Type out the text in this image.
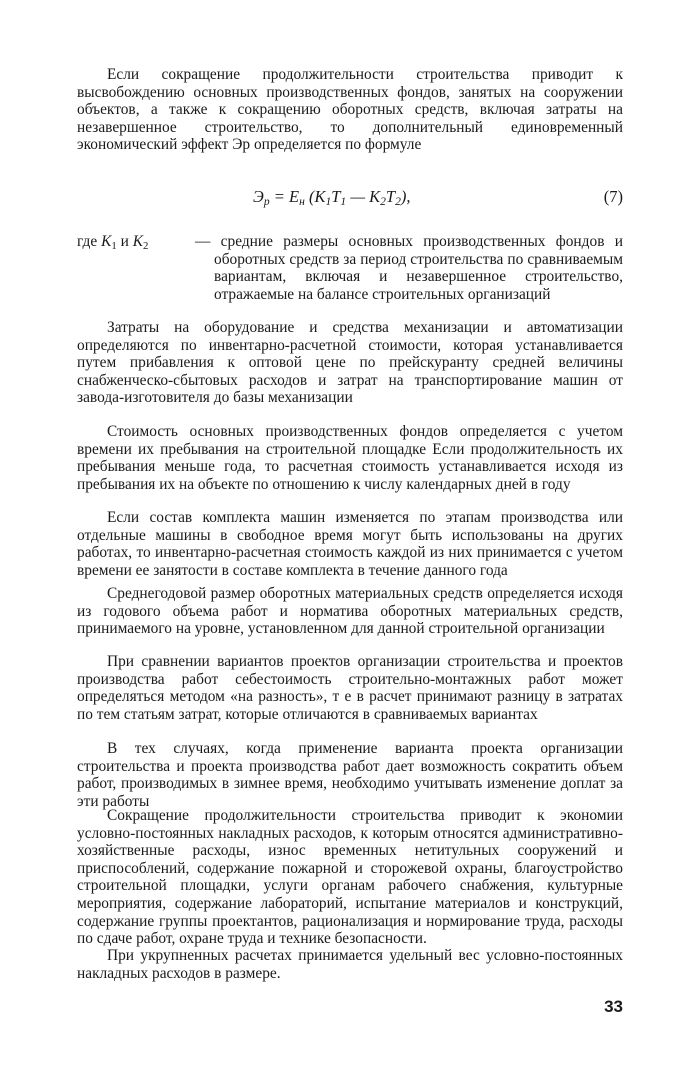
Если сокращение продолжительности строительства приводит к высвобождению основных производственных фондов, занятых на сооружении объектов, а также к сокращению оборотных средств, включая затраты на незавершенное строительство, то дополнительный единовременный экономический эффект Эр определяется по формуле

$Э_р = Е_н$ ($K_1T_1$ — $K_2T_2$),	(7)
где $K_1$ и $K_2$	— средние размеры основных производственных фондов и оборотных средств за период строительства по сравниваемым вариантам, включая и незавершенное строительство, отражаемые на балансе строительных организаций

Затраты на оборудование и средства механизации и автоматизации определяются по инвентарно-расчетной стоимости, которая устанавливается путем прибавления к оптовой цене по прейскуранту средней величины снабженческо-сбытовых расходов и затрат на транспортирование машин от завода-изготовителя до базы механизации

Стоимость основных производственных фондов определяется с учетом времени их пребывания на строительной площадке Если продолжительность их пребывания меньше года, то расчетная стоимость устанавливается исходя из пребывания их на объекте по отношению к числу календарных дней в году

Если состав комплекта машин изменяется по этапам производства или отдельные машины в свободное время могут быть использованы на других работах, то инвентарно-расчетная стоимость каждой из них принимается с учетом времени ее занятости в составе комплекта в течение данного года

Среднегодовой размер оборотных материальных средств определяется исходя из годового объема работ и норматива оборотных материальных средств, принимаемого на уровне, установленном для данной строительной организации

При сравнении вариантов проектов организации строительства и проектов производства работ себестоимость строительно-монтажных работ может определяться методом «на разность», т е в расчет принимают разницу в затратах по тем статьям затрат, которые отличаются в сравниваемых вариантах

В тех случаях, когда применение варианта проекта организации строительства и проекта производства работ дает возможность сократить объем работ, производимых в зимнее время, необходимо учитывать изменение доплат за эти работы

Сокращение продолжительности строительства приводит к экономии условно-постоянных накладных расходов, к которым относятся административно-хозяйственные расходы, износ временных нетитульных сооружений и приспособлений, содержание пожарной и сторожевой охраны, благоустройство строительной площадки, услуги органам рабочего снабжения, культурные мероприятия, содержание лабораторий, испытание материалов и конструкций, содержание группы проектантов, рационализация и нормирование труда, расходы по сдаче работ, охране труда и технике безопасности.

При укрупненных расчетах принимается удельный вес условно-постоянных накладных расходов в размере.

33
